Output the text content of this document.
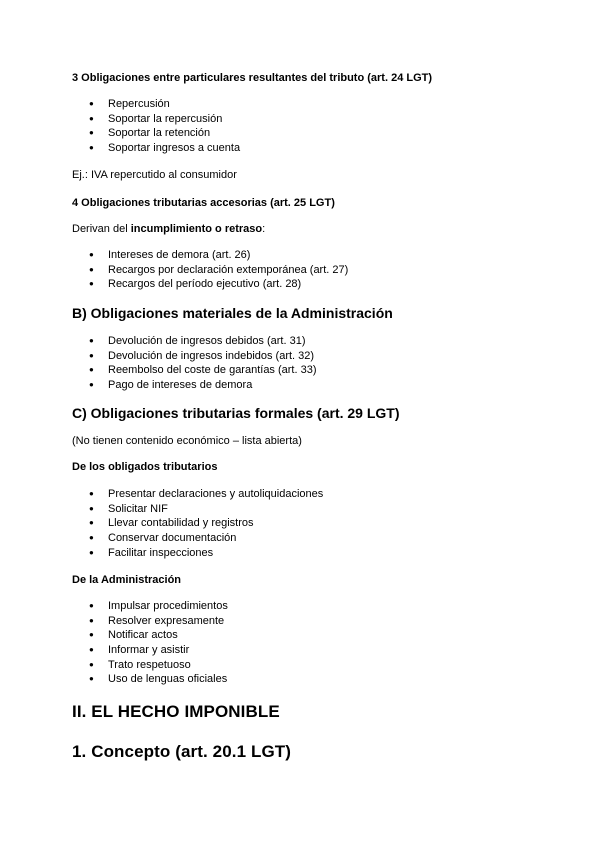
3 Obligaciones entre particulares resultantes del tributo (art. 24 LGT)
● Repercusión
● Soportar la repercusión
● Soportar la retención
● Soportar ingresos a cuenta
Ej.: IVA repercutido al consumidor
4 Obligaciones tributarias accesorias (art. 25 LGT)
Derivan del incumplimiento o retraso:
● Intereses de demora (art. 26)
● Recargos por declaración extemporánea (art. 27)
● Recargos del período ejecutivo (art. 28)
B) Obligaciones materiales de la Administración
● Devolución de ingresos debidos (art. 31)
● Devolución de ingresos indebidos (art. 32)
● Reembolso del coste de garantías (art. 33)
● Pago de intereses de demora
C) Obligaciones tributarias formales (art. 29 LGT)
(No tienen contenido económico – lista abierta)
De los obligados tributarios
● Presentar declaraciones y autoliquidaciones
● Solicitar NIF
● Llevar contabilidad y registros
● Conservar documentación
● Facilitar inspecciones
De la Administración
● Impulsar procedimientos
● Resolver expresamente
● Notificar actos
● Informar y asistir
● Trato respetuoso
● Uso de lenguas oficiales
II. EL HECHO IMPONIBLE
1. Concepto (art. 20.1 LGT)
